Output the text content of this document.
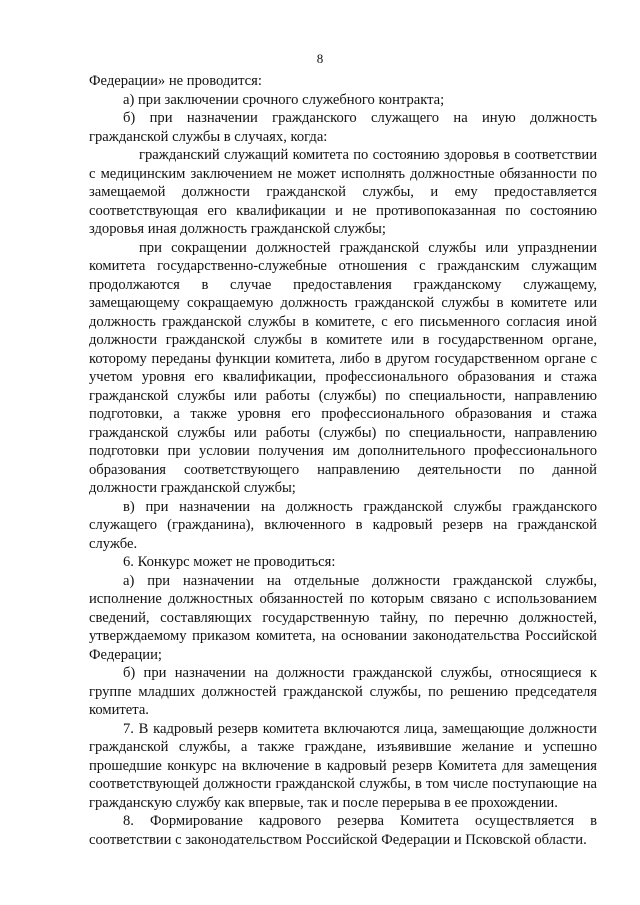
8

Федерации» не проводится:

а) при заключении срочного служебного контракта;

б) при назначении гражданского служащего на иную должность гражданской службы в случаях, когда:

гражданский служащий комитета по состоянию здоровья в соответствии с медицинским заключением не может исполнять должностные обязанности по замещаемой должности гражданской службы, и ему предоставляется соответствующая его квалификации и не противопоказанная по состоянию здоровья иная должность гражданской службы;

при сокращении должностей гражданской службы или упразднении комитета государственно-служебные отношения с гражданским служащим продолжаются в случае предоставления гражданскому служащему, замещающему сокращаемую должность гражданской службы в комитете или должность гражданской службы в комитете, с его письменного согласия иной должности гражданской службы в комитете или в государственном органе, которому переданы функции комитета, либо в другом государственном органе с учетом уровня его квалификации, профессионального образования и стажа гражданской службы или работы (службы) по специальности, направлению подготовки, а также уровня его профессионального образования и стажа гражданской службы или работы (службы) по специальности, направлению подготовки при условии получения им дополнительного профессионального образования соответствующего направлению деятельности по данной должности гражданской службы;

в) при назначении на должность гражданской службы гражданского служащего (гражданина), включенного в кадровый резерв на гражданской службе.

6. Конкурс может не проводиться:

а) при назначении на отдельные должности гражданской службы, исполнение должностных обязанностей по которым связано с использованием сведений, составляющих государственную тайну, по перечню должностей, утверждаемому приказом комитета, на основании законодательства Российской Федерации;

б) при назначении на должности гражданской службы, относящиеся к группе младших должностей гражданской службы, по решению председателя комитета.

7. В кадровый резерв комитета включаются лица, замещающие должности гражданской службы, а также граждане, изъявившие желание и успешно прошедшие конкурс на включение в кадровый резерв Комитета для замещения соответствующей должности гражданской службы, в том числе поступающие на гражданскую службу как впервые, так и после перерыва в ее прохождении.

8. Формирование кадрового резерва Комитета осуществляется в соответствии с законодательством Российской Федерации и Псковской области.
